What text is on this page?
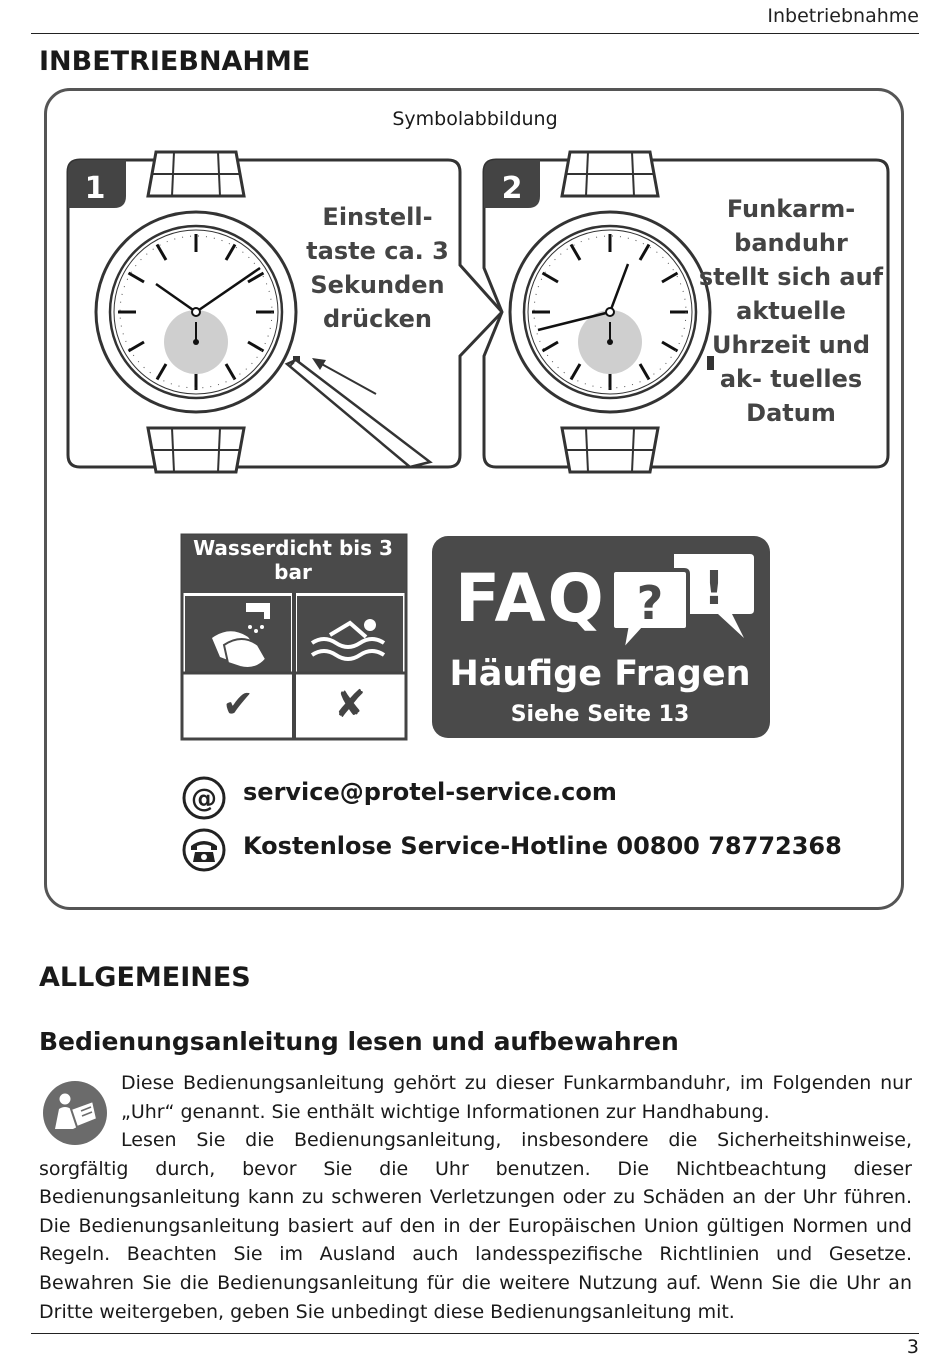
Inbetriebnahme
INBETRIEBNAHME
Symbolabbildung
1	2
Einstell- taste ca. 3 Sekunden drücken
Funkarm- banduhr stellt sich auf aktuelle Uhrzeit und ak- tuelles Datum
✔ ✘
Wasserdicht bis 3 bar
? !
FAQ
Häufige Fragen
Siehe Seite 13
@ service@protel-service.com
Kostenlose Service-Hotline 00800 78772368
ALLGEMEINES
Bedienungsanleitung lesen und aufbewahren
Diese Bedienungsanleitung gehört zu dieser Funkarmbanduhr, im Folgenden nur „Uhr“ genannt. Sie enthält wichtige Informationen zur Handhabung.
Lesen Sie die Bedienungsanleitung, insbesondere die Sicherheitshinweise, sorgfältig durch, bevor Sie die Uhr benutzen. Die Nichtbeachtung dieser Bedienungsanleitung kann zu schweren Verletzungen oder zu Schäden an der Uhr führen. Die Bedienungsanleitung basiert auf den in der Europäischen Union gültigen Normen und Regeln. Beachten Sie im Ausland auch landesspezifische Richtlinien und Gesetze. Bewahren Sie die Bedienungsanleitung für die weitere Nutzung auf. Wenn Sie die Uhr an Dritte weitergeben, geben Sie unbedingt diese Bedienungsanleitung mit.
3
